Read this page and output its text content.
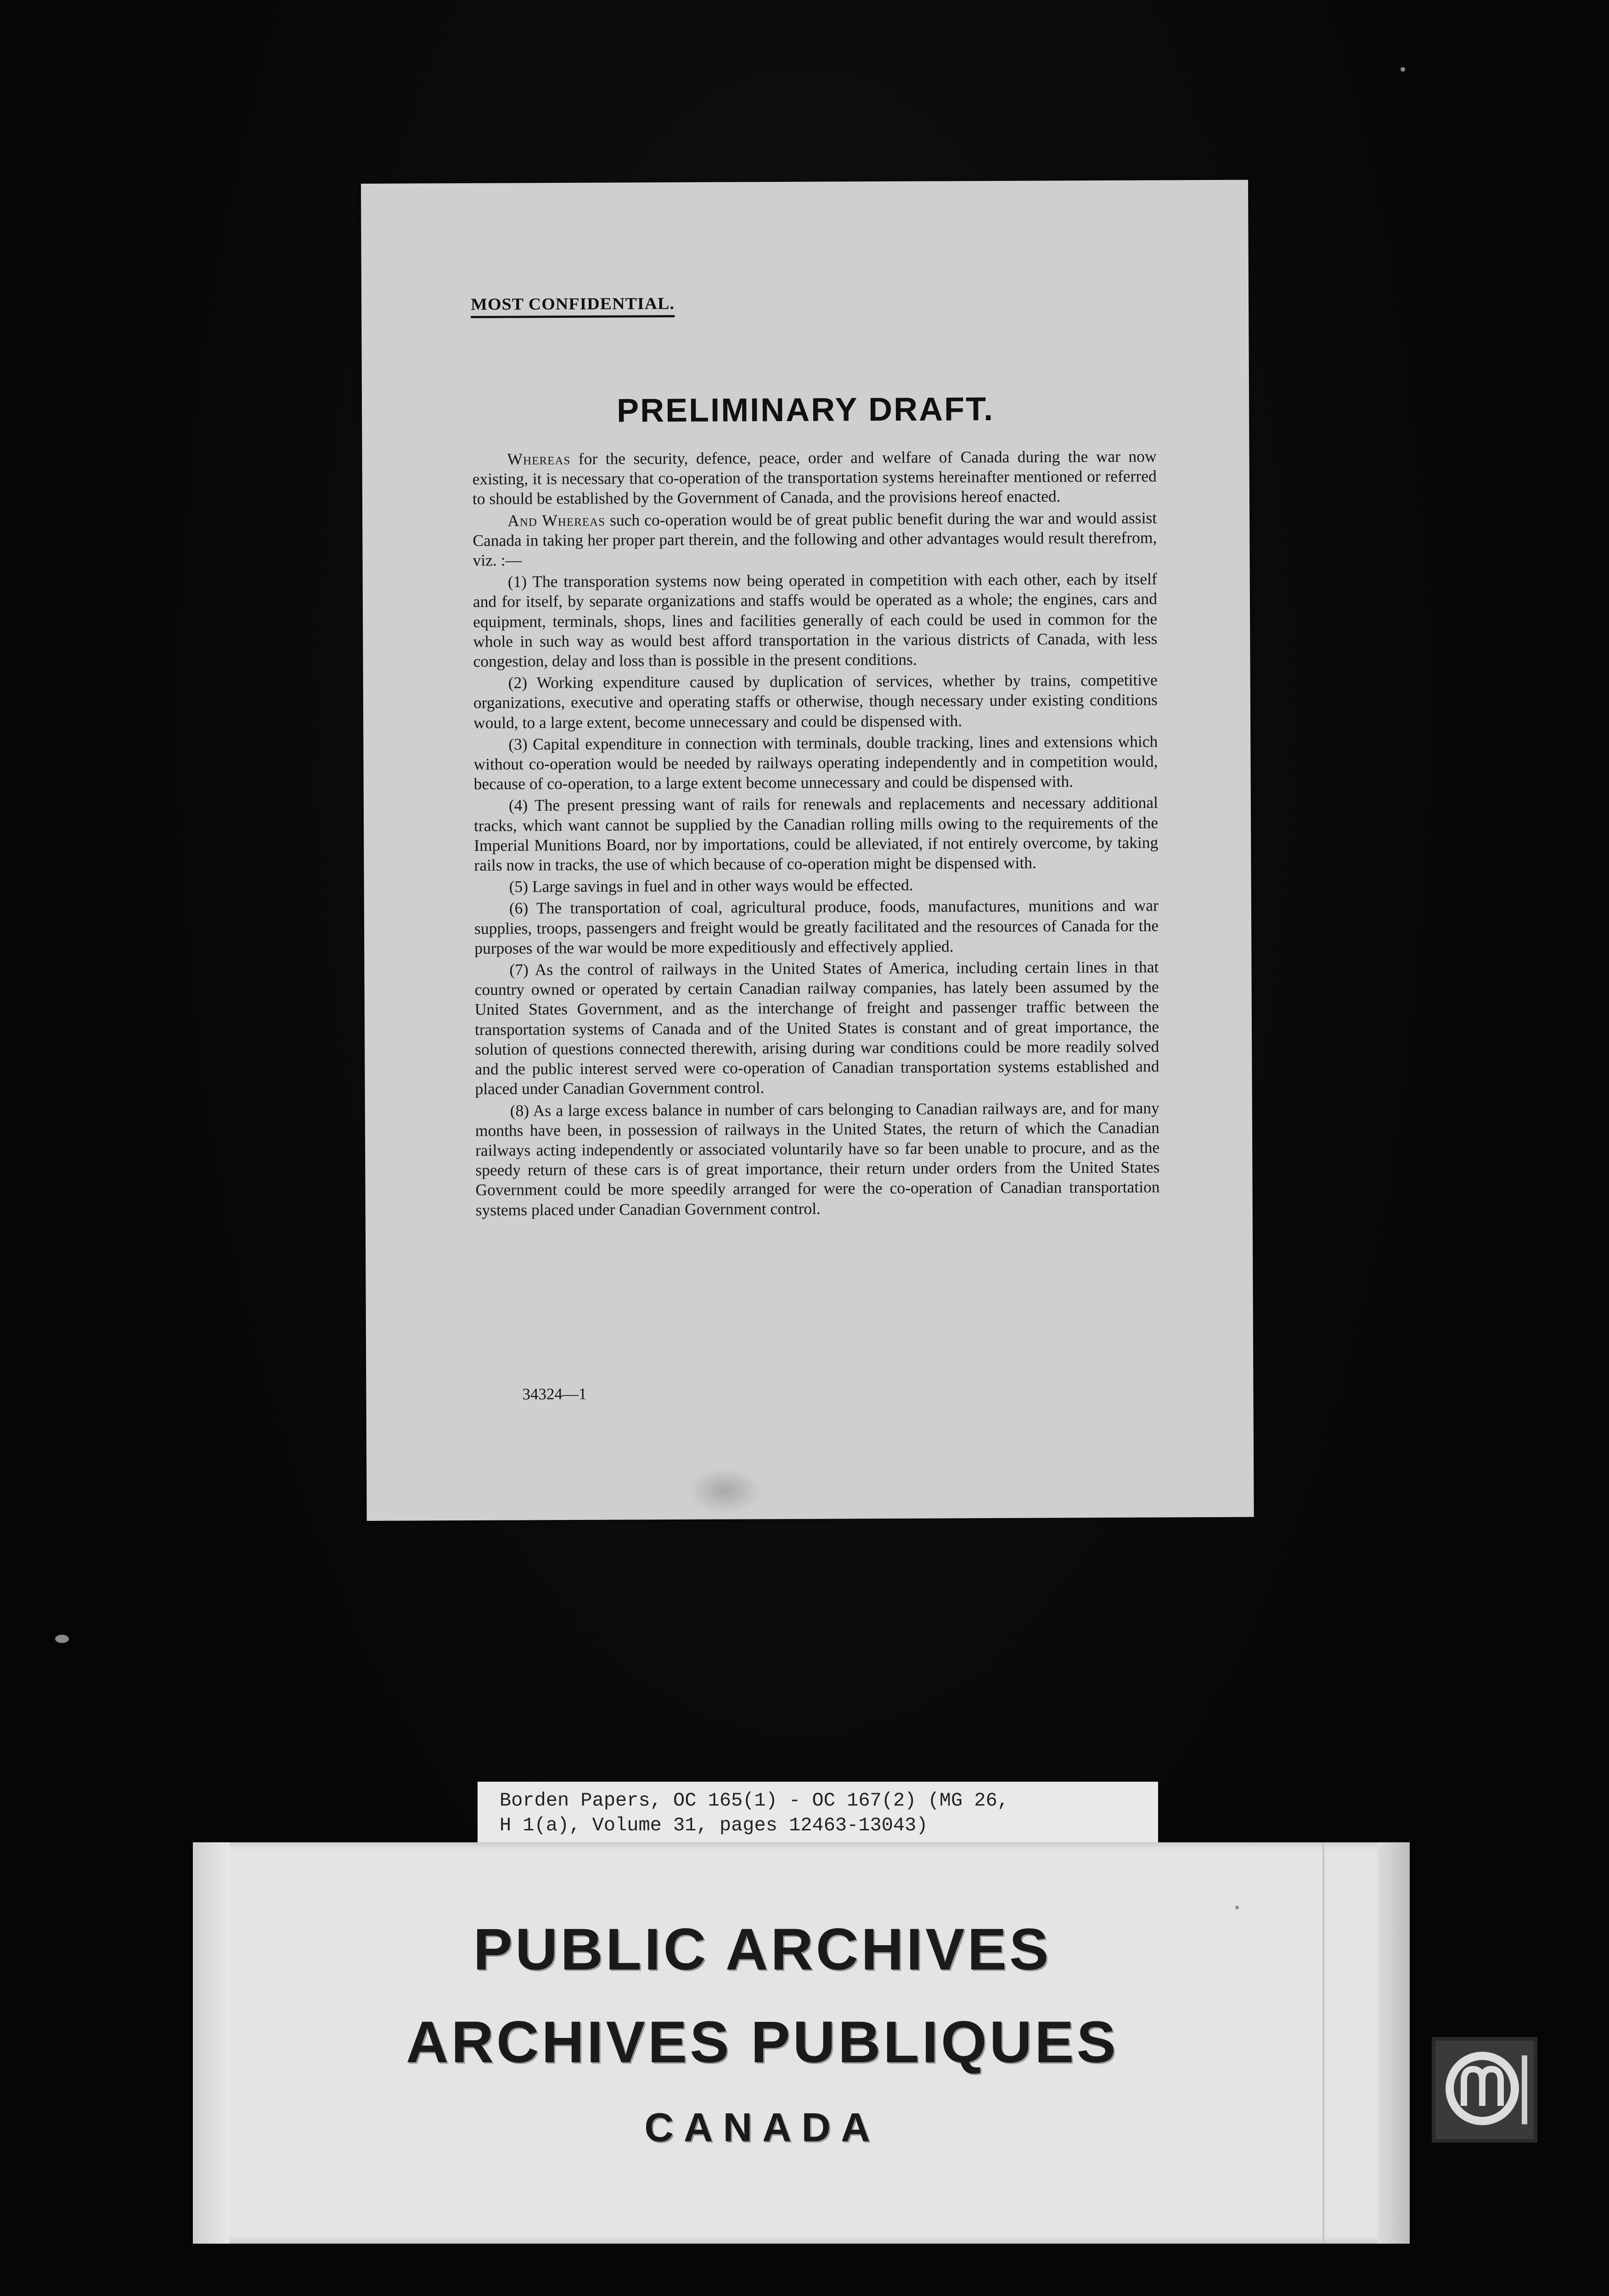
MOST CONFIDENTIAL.
PRELIMINARY DRAFT.

Whereas for the security, defence, peace, order and welfare of Canada during the war now existing, it is necessary that co-operation of the transportation systems hereinafter mentioned or referred to should be established by the Government of Canada, and the provisions hereof enacted.

And Whereas such co-operation would be of great public benefit during the war and would assist Canada in taking her proper part therein, and the following and other advantages would result therefrom, viz. :—

(1) The transporation systems now being operated in competition with each other, each by itself and for itself, by separate organizations and staffs would be operated as a whole; the engines, cars and equipment, terminals, shops, lines and facilities generally of each could be used in common for the whole in such way as would best afford transportation in the various districts of Canada, with less congestion, delay and loss than is possible in the present conditions.

(2) Working expenditure caused by duplication of services, whether by trains, competitive organizations, executive and operating staffs or otherwise, though necessary under existing conditions would, to a large extent, become unnecessary and could be dispensed with.

(3) Capital expenditure in connection with terminals, double tracking, lines and extensions which without co-operation would be needed by railways operating independently and in competition would, because of co-operation, to a large extent become unnecessary and could be dispensed with.

(4) The present pressing want of rails for renewals and replacements and necessary additional tracks, which want cannot be supplied by the Canadian rolling mills owing to the requirements of the Imperial Munitions Board, nor by importations, could be alleviated, if not entirely overcome, by taking rails now in tracks, the use of which because of co-operation might be dispensed with.

(5) Large savings in fuel and in other ways would be effected.

(6) The transportation of coal, agricultural produce, foods, manufactures, munitions and war supplies, troops, passengers and freight would be greatly facilitated and the resources of Canada for the purposes of the war would be more expeditiously and effectively applied.

(7) As the control of railways in the United States of America, including certain lines in that country owned or operated by certain Canadian railway companies, has lately been assumed by the United States Government, and as the interchange of freight and passenger traffic between the transportation systems of Canada and of the United States is constant and of great importance, the solution of questions connected therewith, arising during war conditions could be more readily solved and the public interest served were co-operation of Canadian transportation systems established and placed under Canadian Government control.

(8) As a large excess balance in number of cars belonging to Canadian railways are, and for many months have been, in possession of railways in the United States, the return of which the Canadian railways acting independently or associated voluntarily have so far been unable to procure, and as the speedy return of these cars is of great importance, their return under orders from the United States Government could be more speedily arranged for were the co-operation of Canadian transportation systems placed under Canadian Government control.

34324—1
Borden Papers, OC 165(1) - OC 167(2) (MG 26,
H 1(a), Volume 31, pages 12463-13043)
PUBLIC ARCHIVES
ARCHIVES PUBLIQUES
CANADA
